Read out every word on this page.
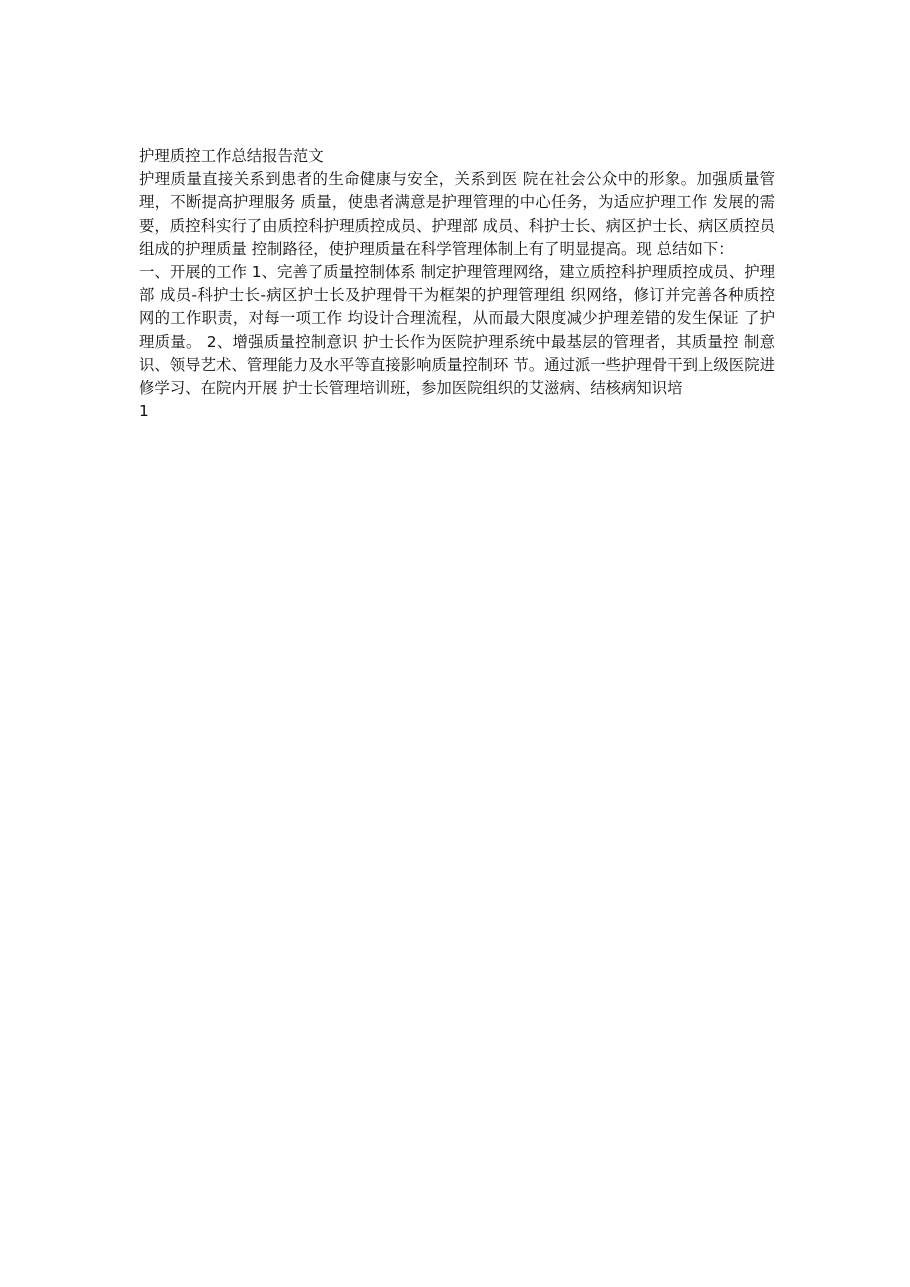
护理质控工作总结报告范文

护理质量直接关系到患者的生命健康与安全，关系到医 院在社会公众中的形象。加强质量管理，不断提高护理服务 质量，使患者满意是护理管理的中心任务，为适应护理工作 发展的需要，质控科实行了由质控科护理质控成员、护理部 成员、科护士长、病区护士长、病区质控员组成的护理质量 控制路径，使护理质量在科学管理体制上有了明显提高。现 总结如下：

一、开展的工作 1、完善了质量控制体系 制定护理管理网络，建立质控科护理质控成员、护理部 成员-科护士长-病区护士长及护理骨干为框架的护理管理组 织网络，修订并完善各种质控网的工作职责，对每一项工作 均设计合理流程，从而最大限度减少护理差错的发生保证 了护理质量。 2、增强质量控制意识 护士长作为医院护理系统中最基层的管理者，其质量控 制意识、领导艺术、管理能力及水平等直接影响质量控制环 节。通过派一些护理骨干到上级医院进修学习、在院内开展 护士长管理培训班，参加医院组织的艾滋病、结核病知识培

1
